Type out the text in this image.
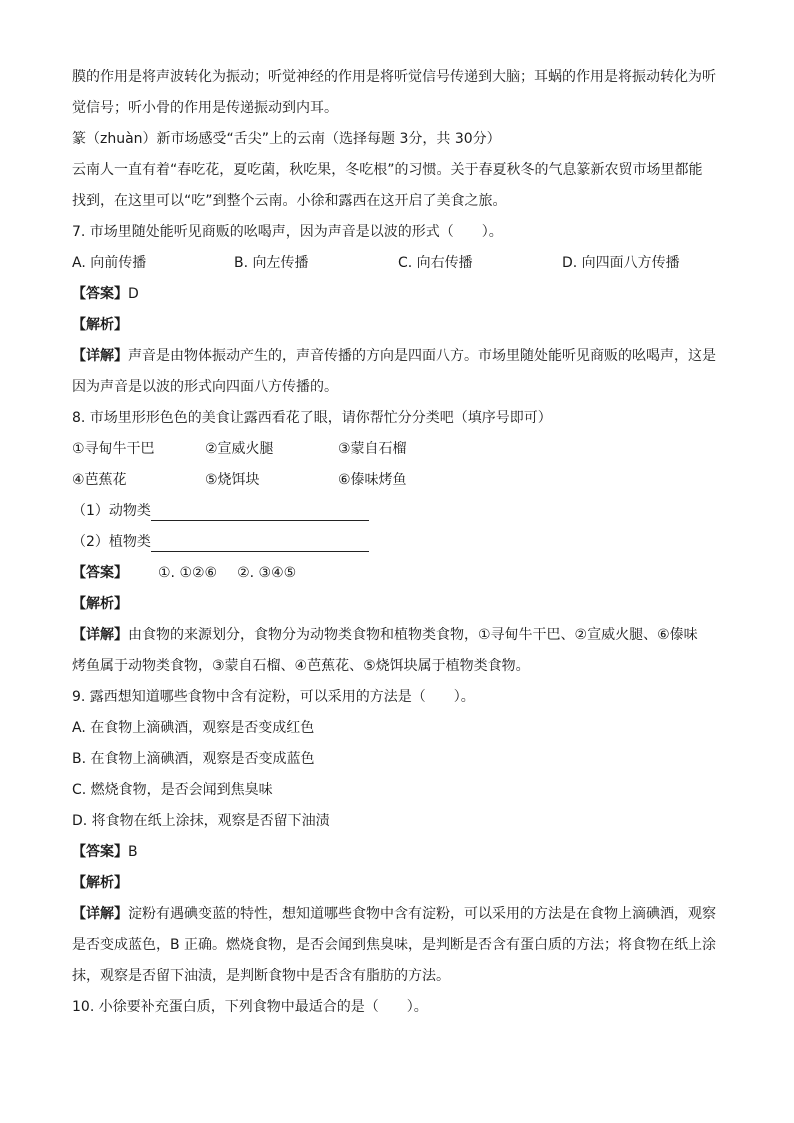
膜的作用是将声波转化为振动；听觉神经的作用是将听觉信号传递到大脑；耳蜗的作用是将振动转化为听
觉信号；听小骨的作用是传递振动到内耳。
篆（zhuàn）新市场感受“舌尖”上的云南（选择每题 3分，共 30分）
云南人一直有着“春吃花，夏吃菌，秋吃果，冬吃根”的习惯。关于春夏秋冬的气息篆新农贸市场里都能
找到，在这里可以“吃”到整个云南。小徐和露西在这开启了美食之旅。
7. 市场里随处能听见商贩的吆喝声，因为声音是以波的形式（　　）。
A. 向前传播	B. 向左传播	C. 向右传播	D. 向四面八方传播
【答案】D
【解析】
【详解】声音是由物体振动产生的，声音传播的方向是四面八方。市场里随处能听见商贩的吆喝声，这是
因为声音是以波的形式向四面八方传播的。
8. 市场里形形色色的美食让露西看花了眼，请你帮忙分分类吧（填序号即可）
①寻甸牛干巴	②宣威火腿	③蒙自石榴
④芭蕉花	⑤烧饵块	⑥傣味烤鱼
（1）动物类
（2）植物类
【答案】 ①. ①②⑥ ②. ③④⑤
【解析】
【详解】由食物的来源划分，食物分为动物类食物和植物类食物，①寻甸牛干巴、②宣威火腿、⑥傣味
烤鱼属于动物类食物，③蒙自石榴、④芭蕉花、⑤烧饵块属于植物类食物。
9. 露西想知道哪些食物中含有淀粉，可以采用的方法是（　　）。
A. 在食物上滴碘酒，观察是否变成红色
B. 在食物上滴碘酒，观察是否变成蓝色
C. 燃烧食物，是否会闻到焦臭味
D. 将食物在纸上涂抹，观察是否留下油渍
【答案】B
【解析】
【详解】淀粉有遇碘变蓝的特性，想知道哪些食物中含有淀粉，可以采用的方法是在食物上滴碘酒，观察
是否变成蓝色，B 正确。燃烧食物，是否会闻到焦臭味，是判断是否含有蛋白质的方法；将食物在纸上涂
抹，观察是否留下油渍，是判断食物中是否含有脂肪的方法。
10. 小徐要补充蛋白质，下列食物中最适合的是（　　）。
